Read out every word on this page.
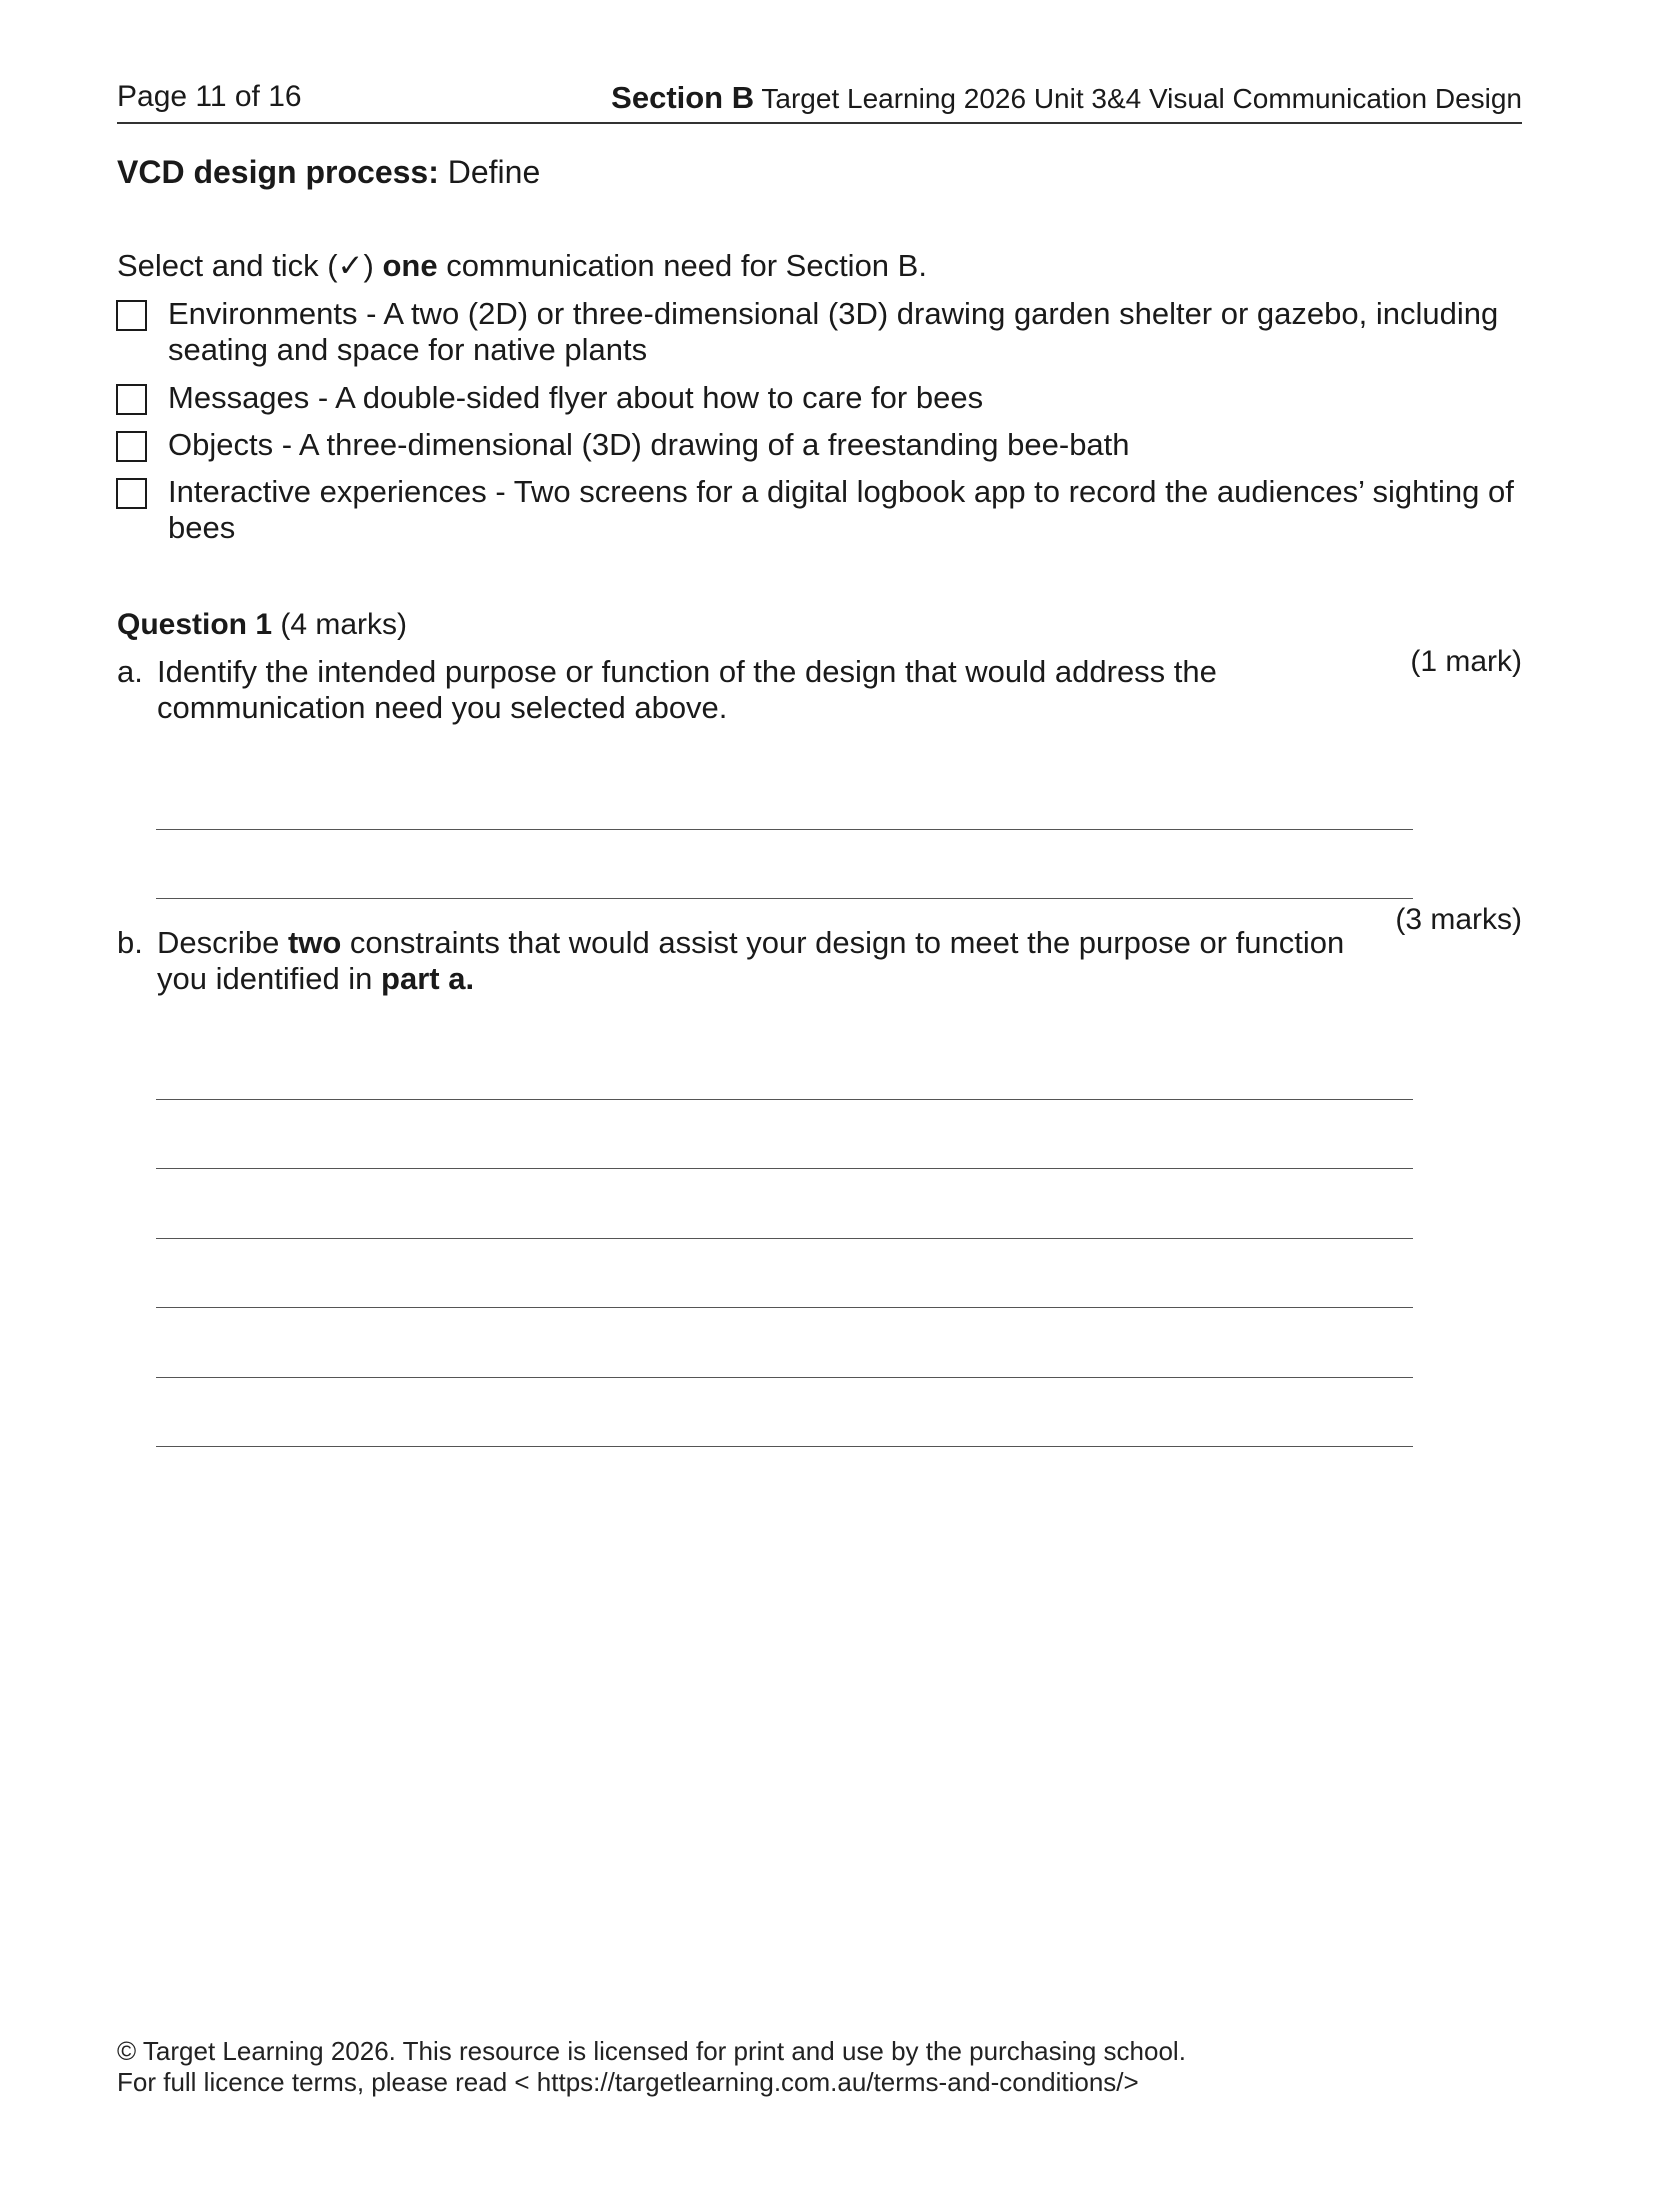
Page 11 of 16	Section B Target Learning 2026 Unit 3&4 Visual Communication Design
VCD design process: Define
Select and tick (✓) one communication need for Section B.
Environments - A two (2D) or three-dimensional (3D) drawing garden shelter or gazebo, including seating and space for native plants
Messages - A double-sided flyer about how to care for bees
Objects - A three-dimensional (3D) drawing of a freestanding bee-bath
Interactive experiences - Two screens for a digital logbook app to record the audiences’ sighting of bees
Question 1 (4 marks)
a. Identify the intended purpose or function of the design that would address the communication need you selected above.
(1 mark)
(3 marks)
b. Describe two constraints that would assist your design to meet the purpose or function you identified in part a.
© Target Learning 2026. This resource is licensed for print and use by the purchasing school.
For full licence terms, please read < https://targetlearning.com.au/terms-and-conditions/>
